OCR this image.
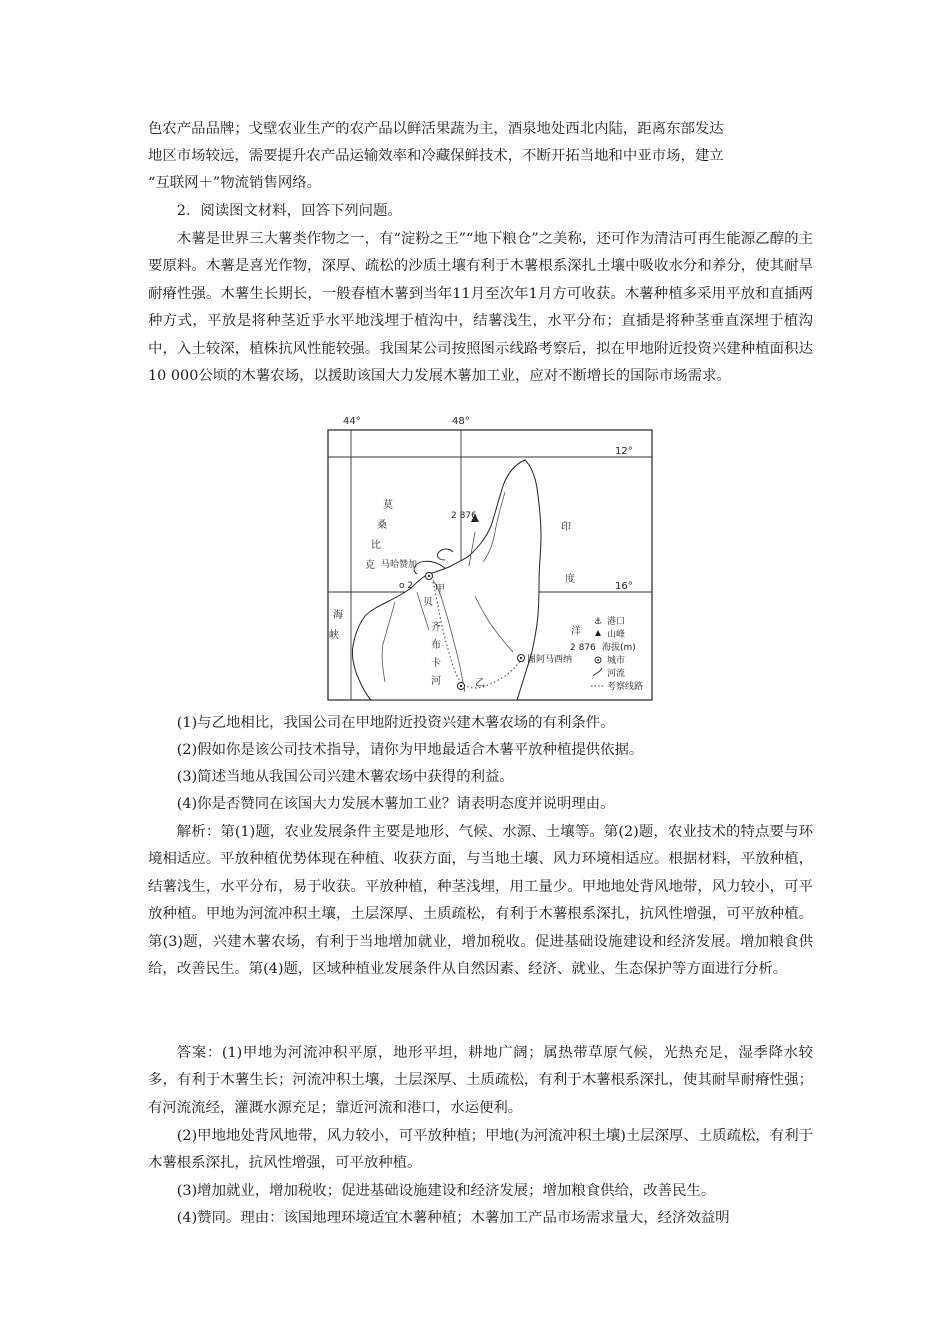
色农产品品牌；戈壁农业生产的农产品以鲜活果蔬为主，酒泉地处西北内陆，距离东部发达

地区市场较远，需要提升农产品运输效率和冷藏保鲜技术，不断开拓当地和中亚市场，建立

“互联网＋”物流销售网络。

2．阅读图文材料，回答下列问题。

木薯是世界三大薯类作物之一，有“淀粉之王”“地下粮仓”之美称，还可作为清洁可再生能源乙醇的主要原料。木薯是喜光作物，深厚、疏松的沙质土壤有利于木薯根系深扎土壤中吸收水分和养分，使其耐旱耐瘠性强。木薯生长期长，一般春植木薯到当年11月至次年1月方可收获。木薯种植多采用平放和直插两种方式，平放是将种茎近乎水平地浅埋于植沟中，结薯浅生，水平分布；直插是将种茎垂直深埋于植沟中，入土较深，植株抗风性能较强。我国某公司按照图示线路考察后，拟在甲地附近投资兴建种植面积达 10 000公顷的木薯农场，以援助该国大力发展木薯加工业，应对不断增长的国际市场需求。

44°	48°
12°
16°
2 876
马哈赞加
o 2 甲
贝
乙
图阿马西纳
齐
布
卡
河
莫
桑
比
克
海
峡
印
度
洋
⚓ 港口
山峰
2 876 海拔(m)
城市
河流
考察线路

(1)与乙地相比，我国公司在甲地附近投资兴建木薯农场的有利条件。

(2)假如你是该公司技术指导，请你为甲地最适合木薯平放种植提供依据。

(3)简述当地从我国公司兴建木薯农场中获得的利益。

(4)你是否赞同在该国大力发展木薯加工业？请表明态度并说明理由。

解析：第(1)题，农业发展条件主要是地形、气候、水源、土壤等。第(2)题，农业技术的特点要与环境相适应。平放种植优势体现在种植、收获方面，与当地土壤、风力环境相适应。根据材料，平放种植，结薯浅生，水平分布，易于收获。平放种植，种茎浅埋，用工量少。甲地地处背风地带，风力较小，可平放种植。甲地为河流冲积土壤，土层深厚、土质疏松，有利于木薯根系深扎，抗风性增强，可平放种植。第(3)题，兴建木薯农场，有利于当地增加就业，增加税收。促进基础设施建设和经济发展。增加粮食供给，改善民生。第(4)题，区域种植业发展条件从自然因素、经济、就业、生态保护等方面进行分析。

答案：(1)甲地为河流冲积平原，地形平坦，耕地广阔；属热带草原气候，光热充足，湿季降水较多，有利于木薯生长；河流冲积土壤，土层深厚、土质疏松，有利于木薯根系深扎，使其耐旱耐瘠性强；有河流流经，灌溉水源充足；靠近河流和港口，水运便利。

(2)甲地地处背风地带，风力较小，可平放种植；甲地(为河流冲积土壤)土层深厚、土质疏松，有利于木薯根系深扎，抗风性增强，可平放种植。

(3)增加就业，增加税收；促进基础设施建设和经济发展；增加粮食供给，改善民生。

(4)赞同。理由：该国地理环境适宜木薯种植；木薯加工产品市场需求量大，经济效益明
